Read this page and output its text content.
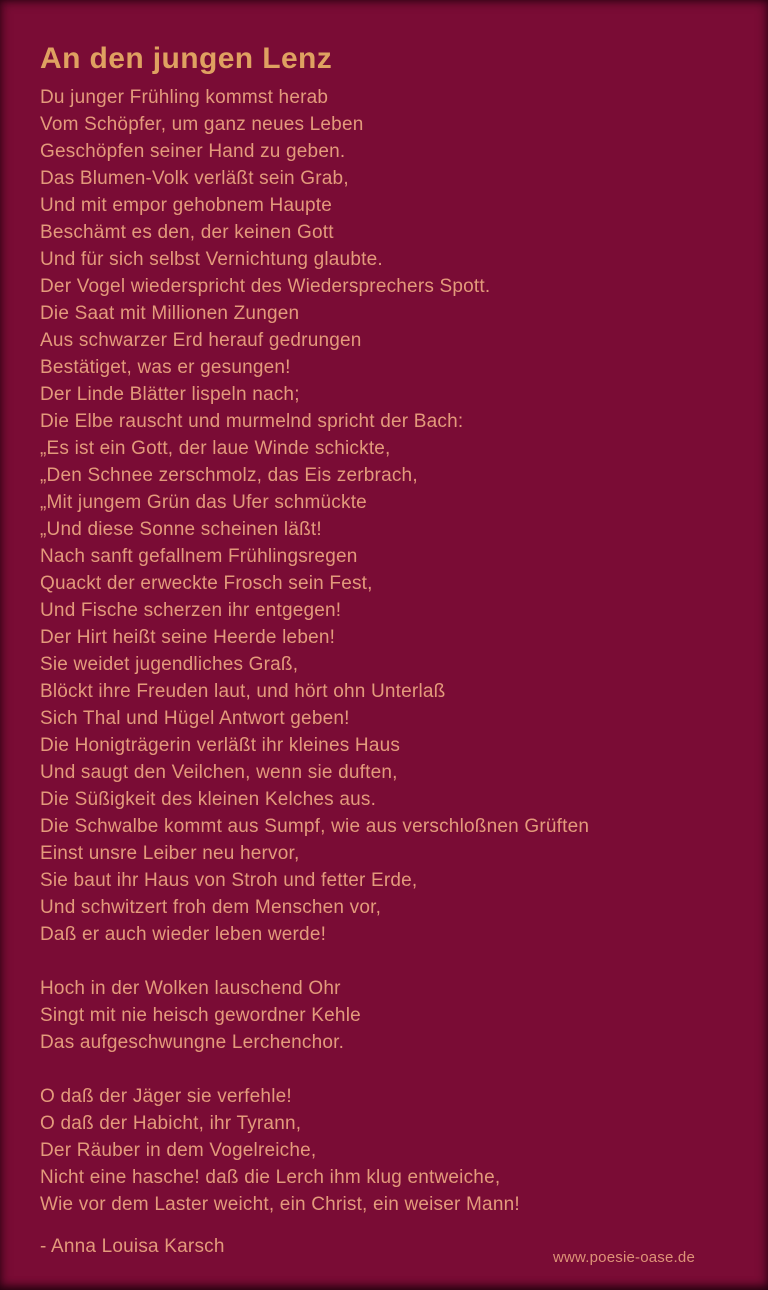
An den jungen Lenz
Du junger Frühling kommst herab
Vom Schöpfer, um ganz neues Leben
Geschöpfen seiner Hand zu geben.
Das Blumen-Volk verläßt sein Grab,
Und mit empor gehobnem Haupte
Beschämt es den, der keinen Gott
Und für sich selbst Vernichtung glaubte.
Der Vogel wiederspricht des Wiedersprechers Spott.
Die Saat mit Millionen Zungen
Aus schwarzer Erd herauf gedrungen
Bestätiget, was er gesungen!
Der Linde Blätter lispeln nach;
Die Elbe rauscht und murmelnd spricht der Bach:
„Es ist ein Gott, der laue Winde schickte,
„Den Schnee zerschmolz, das Eis zerbrach,
„Mit jungem Grün das Ufer schmückte
„Und diese Sonne scheinen läßt!
Nach sanft gefallnem Frühlingsregen
Quackt der erweckte Frosch sein Fest,
Und Fische scherzen ihr entgegen!
Der Hirt heißt seine Heerde leben!
Sie weidet jugendliches Graß,
Blöckt ihre Freuden laut, und hört ohn Unterlaß
Sich Thal und Hügel Antwort geben!
Die Honigträgerin verläßt ihr kleines Haus
Und saugt den Veilchen, wenn sie duften,
Die Süßigkeit des kleinen Kelches aus.
Die Schwalbe kommt aus Sumpf, wie aus verschloßnen Grüften
Einst unsre Leiber neu hervor,
Sie baut ihr Haus von Stroh und fetter Erde,
Und schwitzert froh dem Menschen vor,
Daß er auch wieder leben werde!
Hoch in der Wolken lauschend Ohr
Singt mit nie heisch gewordner Kehle
Das aufgeschwungne Lerchenchor.
O daß der Jäger sie verfehle!
O daß der Habicht, ihr Tyrann,
Der Räuber in dem Vogelreiche,
Nicht eine hasche! daß die Lerch ihm klug entweiche,
Wie vor dem Laster weicht, ein Christ, ein weiser Mann!
- Anna Louisa Karsch
www.poesie-oase.de
